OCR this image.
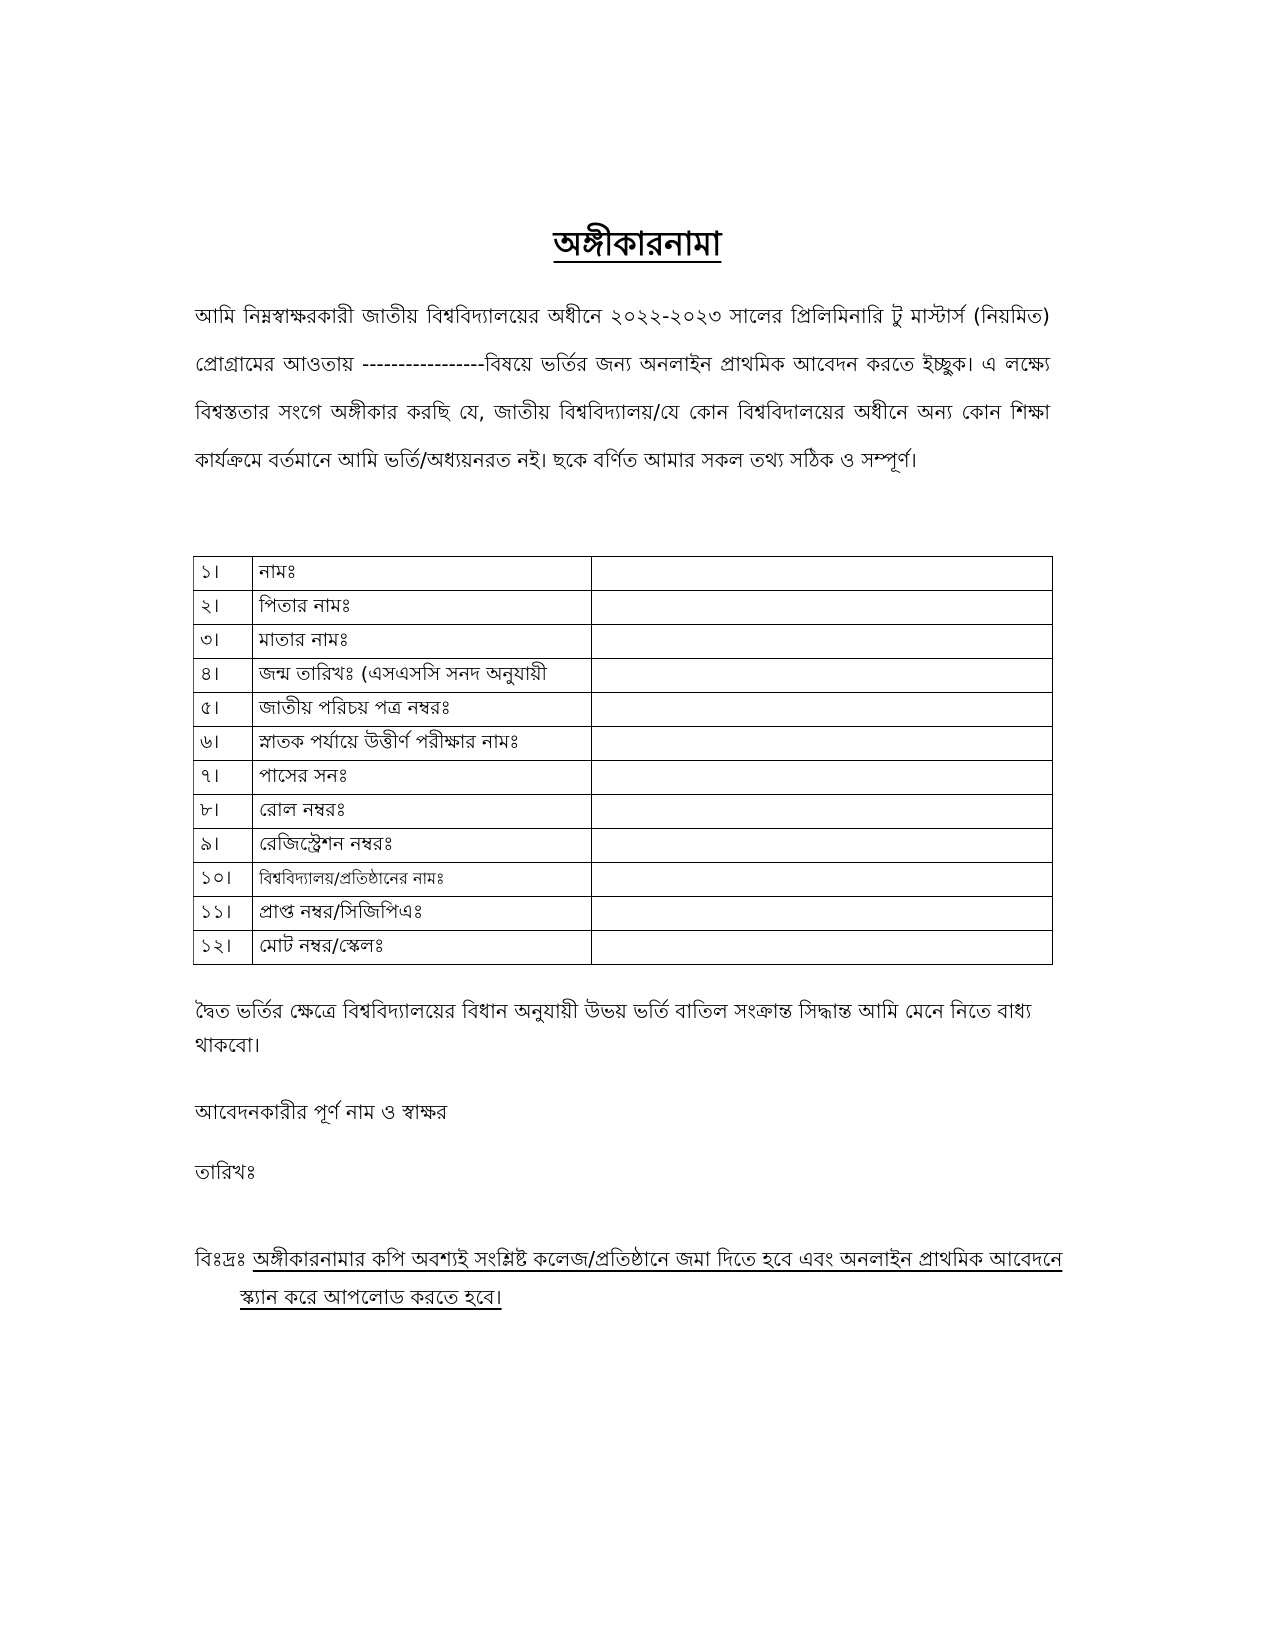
অঙ্গীকারনামা

আমি নিম্নস্বাক্ষরকারী জাতীয় বিশ্ববিদ্যালয়ের অধীনে ২০২২-২০২৩ সালের প্রিলিমিনারি টু মাস্টার্স (নিয়মিত) প্রোগ্রামের আওতায় -----------------বিষয়ে ভর্তির জন্য অনলাইন প্রাথমিক আবেদন করতে ইচ্ছুক। এ লক্ষ্যে বিশ্বস্ততার সংগে অঙ্গীকার করছি যে, জাতীয় বিশ্ববিদ্যালয়/যে কোন বিশ্ববিদালয়ের অধীনে অন্য কোন শিক্ষা কার্যক্রমে বর্তমানে আমি ভর্তি/অধ্যয়নরত নই। ছকে বর্ণিত আমার সকল তথ্য সঠিক ও সম্পূর্ণ।

১।	নামঃ	
২।	পিতার নামঃ	
৩।	মাতার নামঃ	
৪।	জন্ম তারিখঃ (এসএসসি সনদ অনুযায়ী	
৫।	জাতীয় পরিচয় পত্র নম্বরঃ	
৬।	স্নাতক পর্যায়ে উত্তীর্ণ পরীক্ষার নামঃ	
৭।	পাসের সনঃ	
৮।	রোল নম্বরঃ	
৯।	রেজিস্ট্রেশন নম্বরঃ	
১০।	বিশ্ববিদ্যালয়/প্রতিষ্ঠানের নামঃ	
১১।	প্রাপ্ত নম্বর/সিজিপিএঃ	
১২।	মোট নম্বর/স্কেলঃ	

দ্বৈত ভর্তির ক্ষেত্রে বিশ্ববিদ্যালয়ের বিধান অনুযায়ী উভয় ভর্তি বাতিল সংক্রান্ত সিদ্ধান্ত আমি মেনে নিতে বাধ্য থাকবো।

আবেদনকারীর পূর্ণ নাম ও স্বাক্ষর

তারিখঃ

বিঃদ্রঃ অঙ্গীকারনামার কপি অবশ্যই সংশ্লিষ্ট কলেজ/প্রতিষ্ঠানে জমা দিতে হবে এবং অনলাইন প্রাথমিক আবেদনে
স্ক্যান করে আপলোড করতে হবে।
